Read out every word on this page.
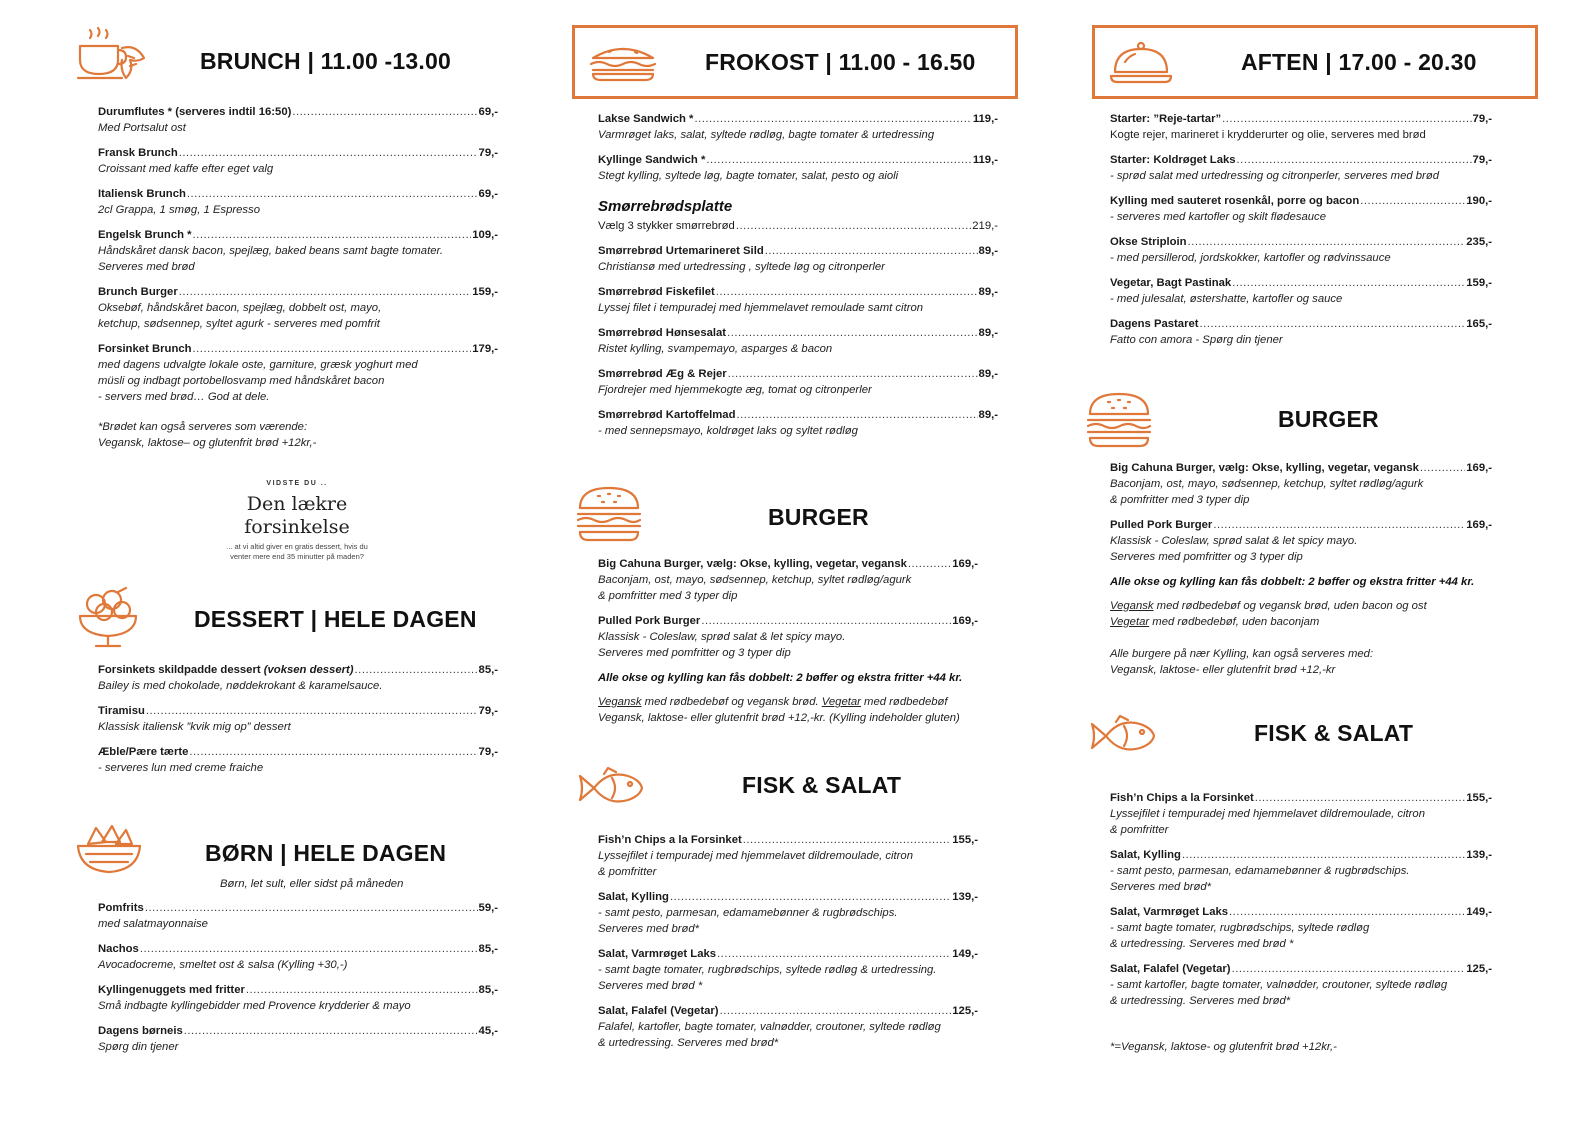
BRUNCH | 11.00 -13.00
Durumflutes * (serveres indtil 16:50) .....	69,-
Med Portsalut ost
Fransk Brunch .....	79,-
Croissant med kaffe efter eget valg
Italiensk Brunch .....	69,-
2cl Grappa, 1 smøg, 1 Espresso
Engelsk Brunch * .....	109,-
Håndskåret dansk bacon, spejlæg, baked beans samt bagte tomater.
Serveres med brød
Brunch Burger .....	159,-
Oksebøf, håndskåret bacon, spejlæg, dobbelt ost, mayo,
ketchup, sødsennep, syltet agurk - serveres med pomfrit
Forsinket Brunch .....	179,-
med dagens udvalgte lokale oste, garniture, græsk yoghurt med
müsli og indbagt portobellosvamp med håndskåret bacon
- servers med brød… God at dele.
*Brødet kan også serveres som værende:
Vegansk, laktose– og glutenfrit brød +12kr,-
VIDSTE DU ..
Den lækre
forsinkelse
... at vi altid giver en gratis dessert, hvis du
venter mere end 35 minutter på maden?
DESSERT | HELE DAGEN
Forsinkets skildpadde dessert (voksen dessert) .....	85,-
Bailey is med chokolade, nøddekrokant & karamelsauce.
Tiramisu .....	79,-
Klassisk italiensk ”kvik mig op” dessert
Æble/Pære tærte .....	79,-
- serveres lun med creme fraiche
BØRN | HELE DAGEN
Børn, let sult, eller sidst på måneden
Pomfrits .....	59,-
med salatmayonnaise
Nachos .....	85,-
Avocadocreme, smeltet ost & salsa (Kylling +30,-)
Kyllingenuggets med fritter .....	85,-
Små indbagte kyllingebidder med Provence krydderier & mayo
Dagens børneis .....	45,-
Spørg din tjener
FROKOST | 11.00 - 16.50
Lakse Sandwich * .....	119,-
Varmrøget laks, salat, syltede rødløg, bagte tomater & urtedressing
Kyllinge Sandwich * .....	119,-
Stegt kylling, syltede løg, bagte tomater, salat, pesto og aioli
Smørrebrødsplatte
Vælg 3 stykker smørrebrød .....	219,-
Smørrebrød Urtemarineret Sild .....	89,-
Christiansø med urtedressing , syltede løg og citronperler
Smørrebrød Fiskefilet .....	89,-
Lyssej filet i tempuradej med hjemmelavet remoulade samt citron
Smørrebrød Hønsesalat .....	89,-
Ristet kylling, svampemayo, asparges & bacon
Smørrebrød Æg & Rejer .....	89,-
Fjordrejer med hjemmekogte æg, tomat og citronperler
Smørrebrød Kartoffelmad .....	89,-
- med sennepsmayo, koldrøget laks og syltet rødløg
BURGER
Big Cahuna Burger, vælg: Okse, kylling, vegetar, vegansk .....	169,-
Baconjam, ost, mayo, sødsennep, ketchup, syltet rødløg/agurk
& pomfritter med 3 typer dip
Pulled Pork Burger .....	169,-
Klassisk - Coleslaw, sprød salat & let spicy mayo.
Serveres med pomfritter og 3 typer dip
Alle okse og kylling kan fås dobbelt: 2 bøffer og ekstra fritter +44 kr.
Vegansk med rødbedebøf og vegansk brød. Vegetar med rødbedebøf
Vegansk, laktose- eller glutenfrit brød +12,-kr. (Kylling indeholder gluten)
FISK & SALAT
Fish’n Chips a la Forsinket .....	155,-
Lyssejfilet i tempuradej med hjemmelavet dildremoulade, citron
& pomfritter
Salat, Kylling .....	139,-
- samt pesto, parmesan, edamamebønner & rugbrødschips.
Serveres med brød*
Salat, Varmrøget Laks .....	149,-
- samt bagte tomater, rugbrødschips, syltede rødløg & urtedressing.
Serveres med brød *
Salat, Falafel (Vegetar) .....	125,-
Falafel, kartofler, bagte tomater, valnødder, croutoner, syltede rødløg
& urtedressing. Serveres med brød*
AFTEN | 17.00 - 20.30
Starter: ”Reje-tartar” .....	79,-
Kogte rejer, marineret i krydderurter og olie, serveres med brød
Starter: Koldrøget Laks .....	79,-
- sprød salat med urtedressing og citronperler, serveres med brød
Kylling med sauteret rosenkål, porre og bacon .....	190,-
- serveres med kartofler og skilt flødesauce
Okse Striploin .....	235,-
- med persillerod, jordskokker, kartofler og rødvinssauce
Vegetar, Bagt Pastinak .....	159,-
- med julesalat, østershatte, kartofler og sauce
Dagens Pastaret .....	165,-
Fatto con amora - Spørg din tjener
BURGER
Big Cahuna Burger, vælg: Okse, kylling, vegetar, vegansk .....	169,-
Baconjam, ost, mayo, sødsennep, ketchup, syltet rødløg/agurk
& pomfritter med 3 typer dip
Pulled Pork Burger .....	169,-
Klassisk - Coleslaw, sprød salat & let spicy mayo.
Serveres med pomfritter og 3 typer dip
Alle okse og kylling kan fås dobbelt: 2 bøffer og ekstra fritter +44 kr.
Vegansk med rødbedebøf og vegansk brød, uden bacon og ost
Vegetar med rødbedebøf, uden baconjam
Alle burgere på nær Kylling, kan også serveres med:
Vegansk, laktose- eller glutenfrit brød +12,-kr
FISK & SALAT
Fish’n Chips a la Forsinket .....	155,-
Lyssejfilet i tempuradej med hjemmelavet dildremoulade, citron
& pomfritter
Salat, Kylling .....	139,-
- samt pesto, parmesan, edamamebønner & rugbrødschips.
Serveres med brød*
Salat, Varmrøget Laks .....	149,-
- samt bagte tomater, rugbrødschips, syltede rødløg
& urtedressing. Serveres med brød *
Salat, Falafel (Vegetar) .....	125,-
- samt kartofler, bagte tomater, valnødder, croutoner, syltede rødløg
& urtedressing. Serveres med brød*
*=Vegansk, laktose- og glutenfrit brød +12kr,-
